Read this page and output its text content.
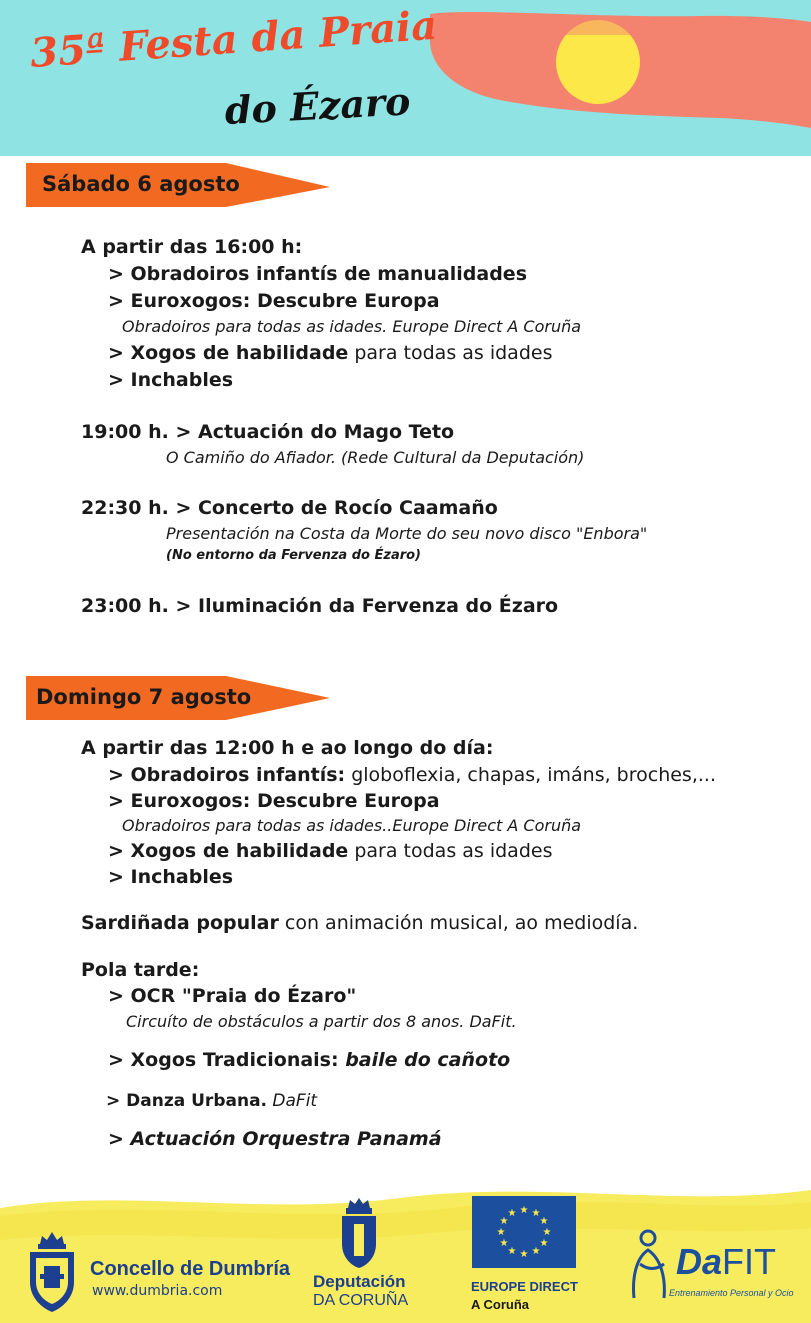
35ª Festa da Praia
do Ézaro
Sábado 6 agosto
A partir das 16:00 h:
> Obradoiros infantís de manualidades
> Euroxogos: Descubre Europa
Obradoiros para todas as idades. Europe Direct A Coruña
> Xogos de habilidade para todas as idades
> Inchables
19:00 h. > Actuación do Mago Teto
O Camiño do Afiador. (Rede Cultural da Deputación)
22:30 h. > Concerto de Rocío Caamaño
Presentación na Costa da Morte do seu novo disco "Enbora"
(No entorno da Fervenza do Ézaro)
23:00 h. > Iluminación da Fervenza do Ézaro
Domingo 7 agosto
A partir das 12:00 h e ao longo do día:
> Obradoiros infantís: globoflexia, chapas, imáns, broches,...
> Euroxogos: Descubre Europa
Obradoiros para todas as idades..Europe Direct A Coruña
> Xogos de habilidade para todas as idades
> Inchables
Sardiñada popular con animación musical, ao mediodía.
Pola tarde:
> OCR "Praia do Ézaro"
Circuíto de obstáculos a partir dos 8 anos. DaFit.
> Xogos Tradicionais: baile do cañoto
> Danza Urbana. DaFit
> Actuación Orquestra Panamá
Concello de Dumbría
www.dumbria.com	Deputación
DA CORUÑA
★ ★
★
★
★
★
★
★
★
★
★
★
EUROPE DIRECT
A Coruña
DaFIT
Entrenamiento Personal y Ocio
